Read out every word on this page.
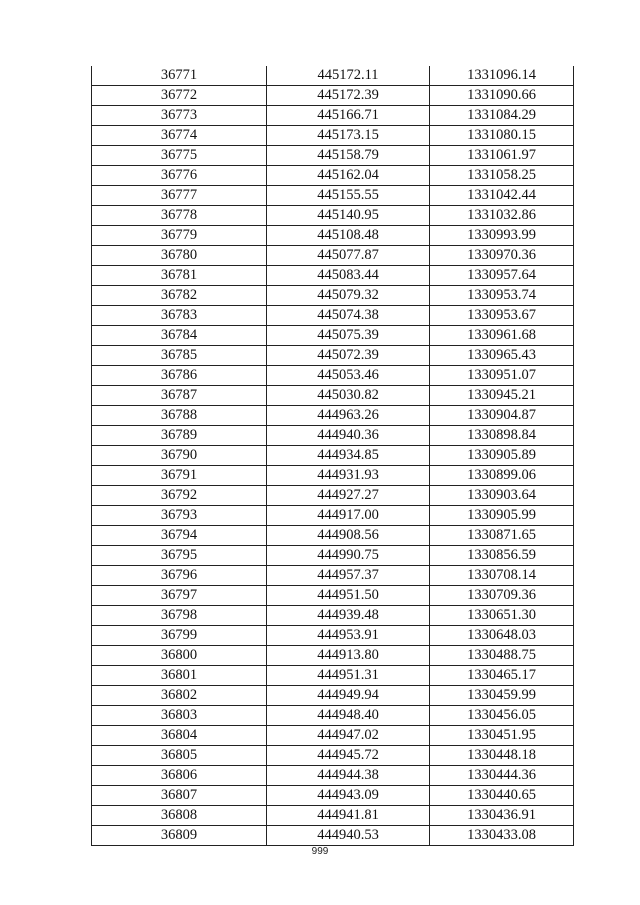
36771	445172.11	1331096.14
36772	445172.39	1331090.66
36773	445166.71	1331084.29
36774	445173.15	1331080.15
36775	445158.79	1331061.97
36776	445162.04	1331058.25
36777	445155.55	1331042.44
36778	445140.95	1331032.86
36779	445108.48	1330993.99
36780	445077.87	1330970.36
36781	445083.44	1330957.64
36782	445079.32	1330953.74
36783	445074.38	1330953.67
36784	445075.39	1330961.68
36785	445072.39	1330965.43
36786	445053.46	1330951.07
36787	445030.82	1330945.21
36788	444963.26	1330904.87
36789	444940.36	1330898.84
36790	444934.85	1330905.89
36791	444931.93	1330899.06
36792	444927.27	1330903.64
36793	444917.00	1330905.99
36794	444908.56	1330871.65
36795	444990.75	1330856.59
36796	444957.37	1330708.14
36797	444951.50	1330709.36
36798	444939.48	1330651.30
36799	444953.91	1330648.03
36800	444913.80	1330488.75
36801	444951.31	1330465.17
36802	444949.94	1330459.99
36803	444948.40	1330456.05
36804	444947.02	1330451.95
36805	444945.72	1330448.18
36806	444944.38	1330444.36
36807	444943.09	1330440.65
36808	444941.81	1330436.91
36809	444940.53	1330433.08
999
